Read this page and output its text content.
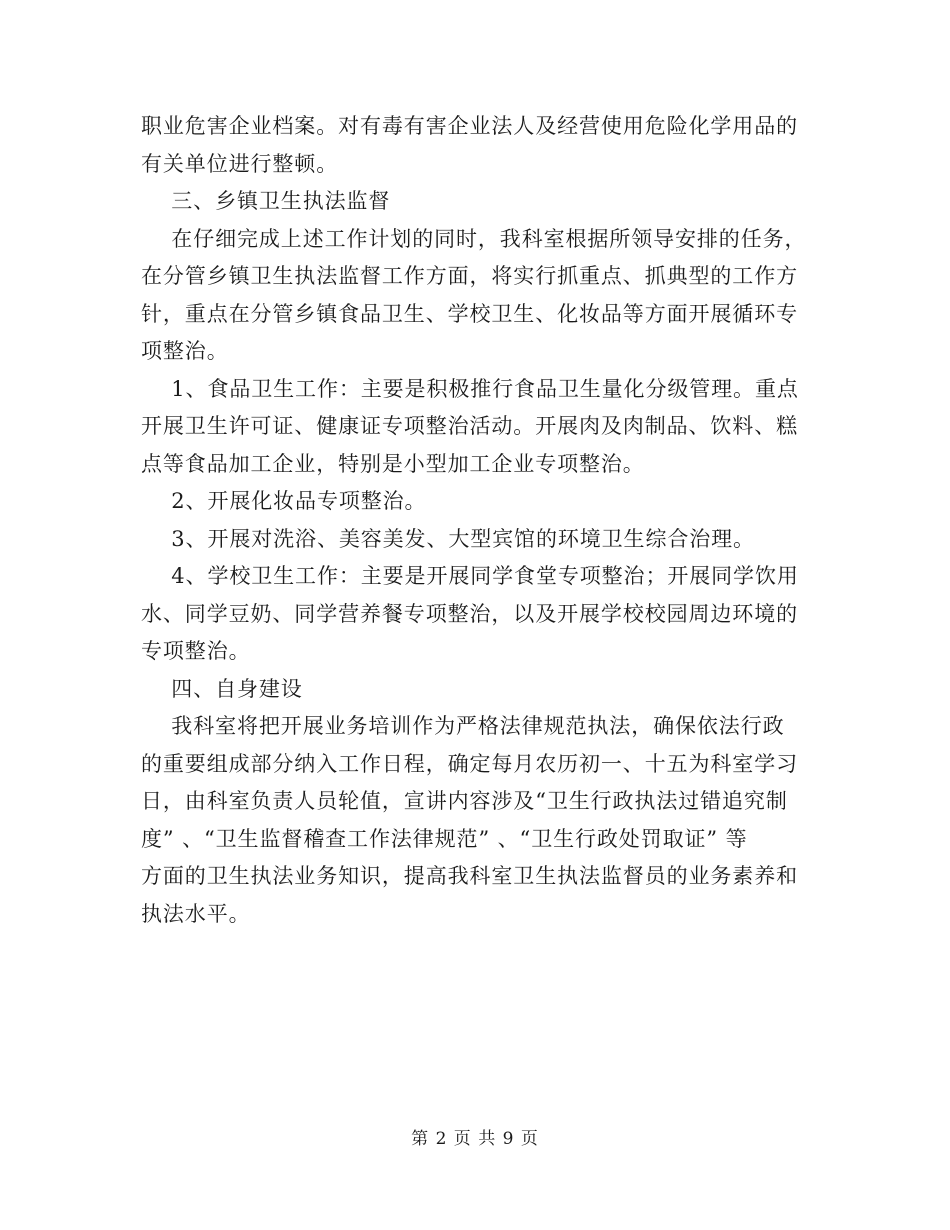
职业危害企业档案。对有毒有害企业法人及经营使用危险化学用品的
有关单位进行整顿。
三、乡镇卫生执法监督
在仔细完成上述工作计划的同时，我科室根据所领导安排的任务，
在分管乡镇卫生执法监督工作方面，将实行抓重点、抓典型的工作方
针，重点在分管乡镇食品卫生、学校卫生、化妆品等方面开展循环专
项整治。
1、食品卫生工作：主要是积极推行食品卫生量化分级管理。重点
开展卫生许可证、健康证专项整治活动。开展肉及肉制品、饮料、糕
点等食品加工企业，特别是小型加工企业专项整治。
2、开展化妆品专项整治。
3、开展对洗浴、美容美发、大型宾馆的环境卫生综合治理。
4、学校卫生工作：主要是开展同学食堂专项整治；开展同学饮用
水、同学豆奶、同学营养餐专项整治，以及开展学校校园周边环境的
专项整治。
四、自身建设
我科室将把开展业务培训作为严格法律规范执法，确保依法行政
的重要组成部分纳入工作日程，确定每月农历初一、十五为科室学习
日，由科室负责人员轮值，宣讲内容涉及“卫生行政执法过错追究制
度” 、“卫生监督稽查工作法律规范” 、“卫生行政处罚取证” 等
方面的卫生执法业务知识，提高我科室卫生执法监督员的业务素养和
执法水平。
第 2 页 共 9 页
